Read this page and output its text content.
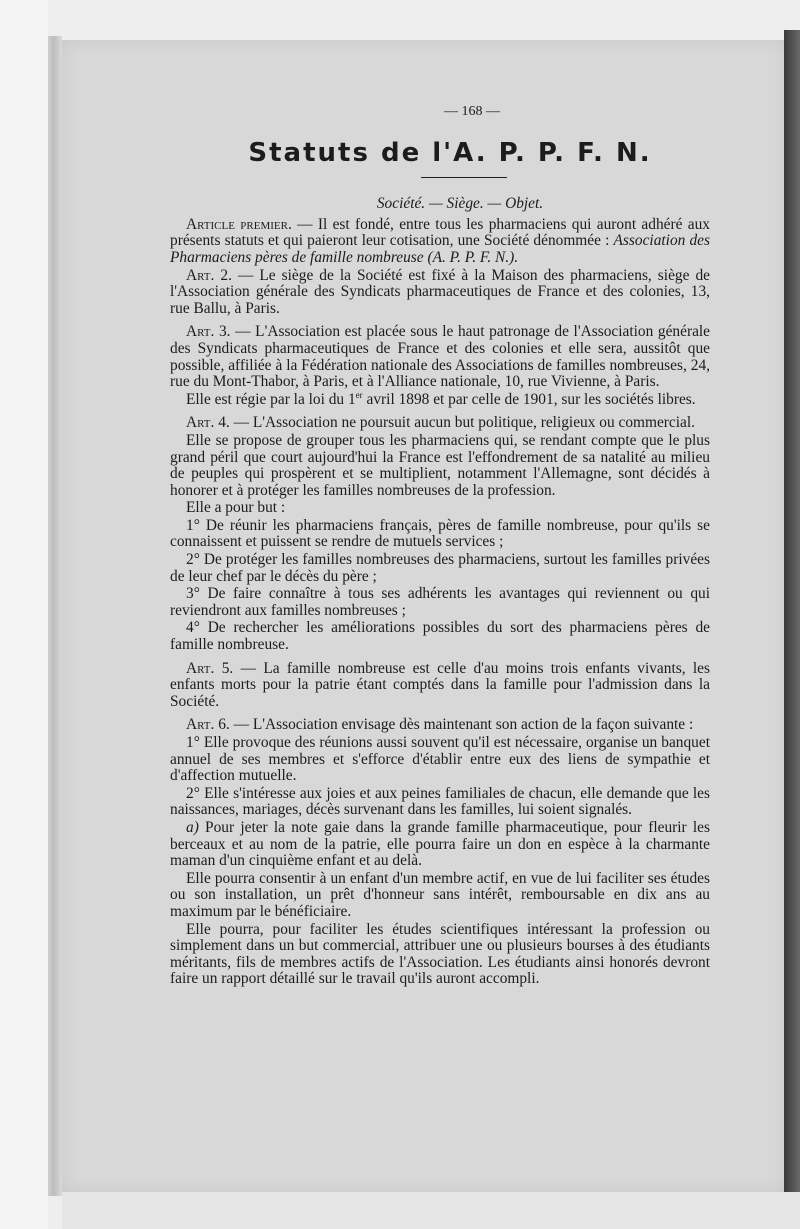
— 168 —
Statuts de l'A. P. P. F. N.
Société. — Siège. — Objet.

Article premier. — Il est fondé, entre tous les pharmaciens qui auront adhéré aux présents statuts et qui paieront leur cotisation, une Société dénommée : Association des Pharmaciens pères de famille nombreuse (A. P. P. F. N.).

Art. 2. — Le siège de la Société est fixé à la Maison des pharmaciens, siège de l'Association générale des Syndicats pharmaceutiques de France et des colonies, 13, rue Ballu, à Paris.

Art. 3. — L'Association est placée sous le haut patronage de l'Association générale des Syndicats pharmaceutiques de France et des colonies et elle sera, aussitôt que possible, affiliée à la Fédération nationale des Associations de familles nombreuses, 24, rue du Mont-Thabor, à Paris, et à l'Alliance nationale, 10, rue Vivienne, à Paris.

Elle est régie par la loi du 1er avril 1898 et par celle de 1901, sur les sociétés libres.

Art. 4. — L'Association ne poursuit aucun but politique, religieux ou commercial.

Elle se propose de grouper tous les pharmaciens qui, se rendant compte que le plus grand péril que court aujourd'hui la France est l'effondrement de sa natalité au milieu de peuples qui prospèrent et se multiplient, notamment l'Allemagne, sont décidés à honorer et à protéger les familles nombreuses de la profession.

Elle a pour but :

1° De réunir les pharmaciens français, pères de famille nombreuse, pour qu'ils se connaissent et puissent se rendre de mutuels services ;

2° De protéger les familles nombreuses des pharmaciens, surtout les familles privées de leur chef par le décès du père ;

3° De faire connaître à tous ses adhérents les avantages qui reviennent ou qui reviendront aux familles nombreuses ;

4° De rechercher les améliorations possibles du sort des pharmaciens pères de famille nombreuse.

Art. 5. — La famille nombreuse est celle d'au moins trois enfants vivants, les enfants morts pour la patrie étant comptés dans la famille pour l'admission dans la Société.

Art. 6. — L'Association envisage dès maintenant son action de la façon suivante :

1° Elle provoque des réunions aussi souvent qu'il est nécessaire, organise un banquet annuel de ses membres et s'efforce d'établir entre eux des liens de sympathie et d'affection mutuelle.

2° Elle s'intéresse aux joies et aux peines familiales de chacun, elle demande que les naissances, mariages, décès survenant dans les familles, lui soient signalés.

a) Pour jeter la note gaie dans la grande famille pharmaceutique, pour fleurir les berceaux et au nom de la patrie, elle pourra faire un don en espèce à la charmante maman d'un cinquième enfant et au delà.

Elle pourra consentir à un enfant d'un membre actif, en vue de lui faciliter ses études ou son installation, un prêt d'honneur sans intérêt, remboursable en dix ans au maximum par le bénéficiaire.

Elle pourra, pour faciliter les études scientifiques intéressant la profession ou simplement dans un but commercial, attribuer une ou plusieurs bourses à des étudiants méritants, fils de membres actifs de l'Association. Les étudiants ainsi honorés devront faire un rapport détaillé sur le travail qu'ils auront accompli.
